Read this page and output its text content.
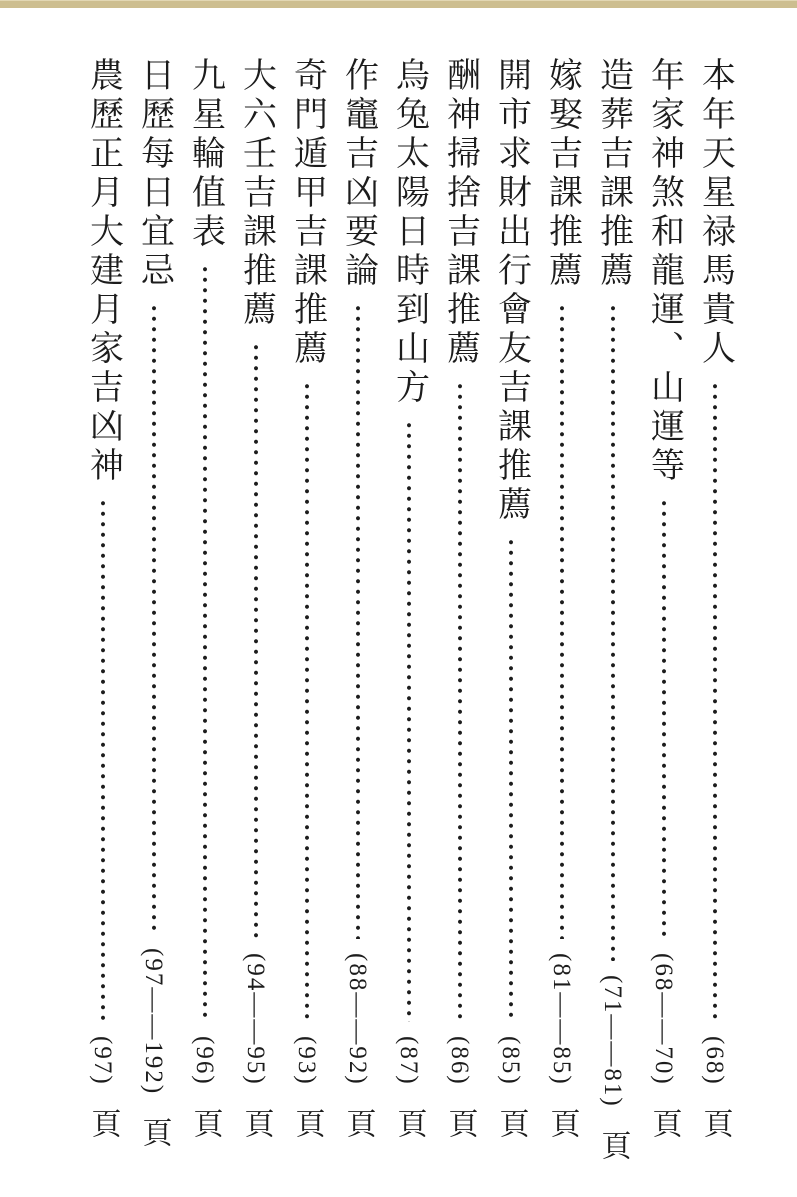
本年天星禄馬貴人
(68)
頁
年家神煞和龍運、山運等
(68——70)
頁
造葬吉課推薦
(71——81)
頁
嫁娶吉課推薦
(81——85)
頁
開市求財出行會友吉課推薦
(85)
頁
酬神掃捨吉課推薦
(86)
頁
烏兔太陽日時到山方
(87)
頁
作竈吉凶要論
(88——92)
頁
奇門遁甲吉課推薦
(93)
頁
大六壬吉課推薦
(94——95)
頁
九星輪值表
(96)
頁
日歷每日宜忌
(97——192)
頁
農歷正月大建月家吉凶神
(97)
頁
